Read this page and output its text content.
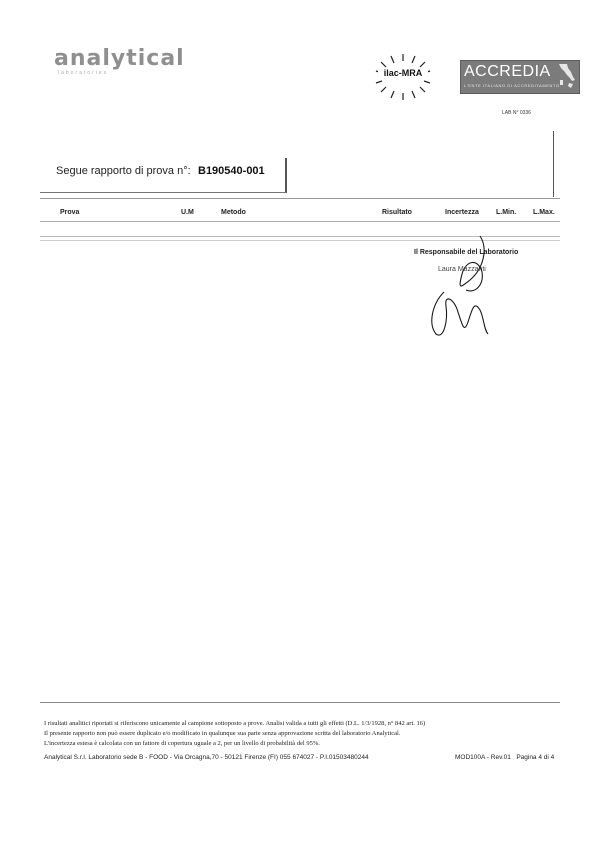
analytical
laboratories	ilac-MRA	ACCREDIA
L'ENTE ITALIANO DI ACCREDITAMENTO
LAB N° 0336
Segue rapporto di prova n°: B190540-001
Prova	U.M	Metodo	Risultato	Incertezza L.Min. L.Max.
Il Responsabile del Laboratorio
Laura Mazzanti
I risultati analitici riportati si riferiscono unicamente al campione sottoposto a prove. Analisi valida a tutti gli effetti (D.L. 1/3/1928, n° 842 art. 16)
Il presente rapporto non può essere duplicato e/o modificato in qualunque sua parte senza approvazione scritta del laboratorio Analytical.
L'incertezza estesa è calcolata con un fattore di copertura uguale a 2, per un livello di probabilità del 95%.
Analytical S.r.l. Laboratorio sede B - FOOD - Via Orcagna,70 - 50121 Firenze (FI) 055 674027 - P.I.01503480244	MOD100A - Rev.01 Pagina 4 di 4
